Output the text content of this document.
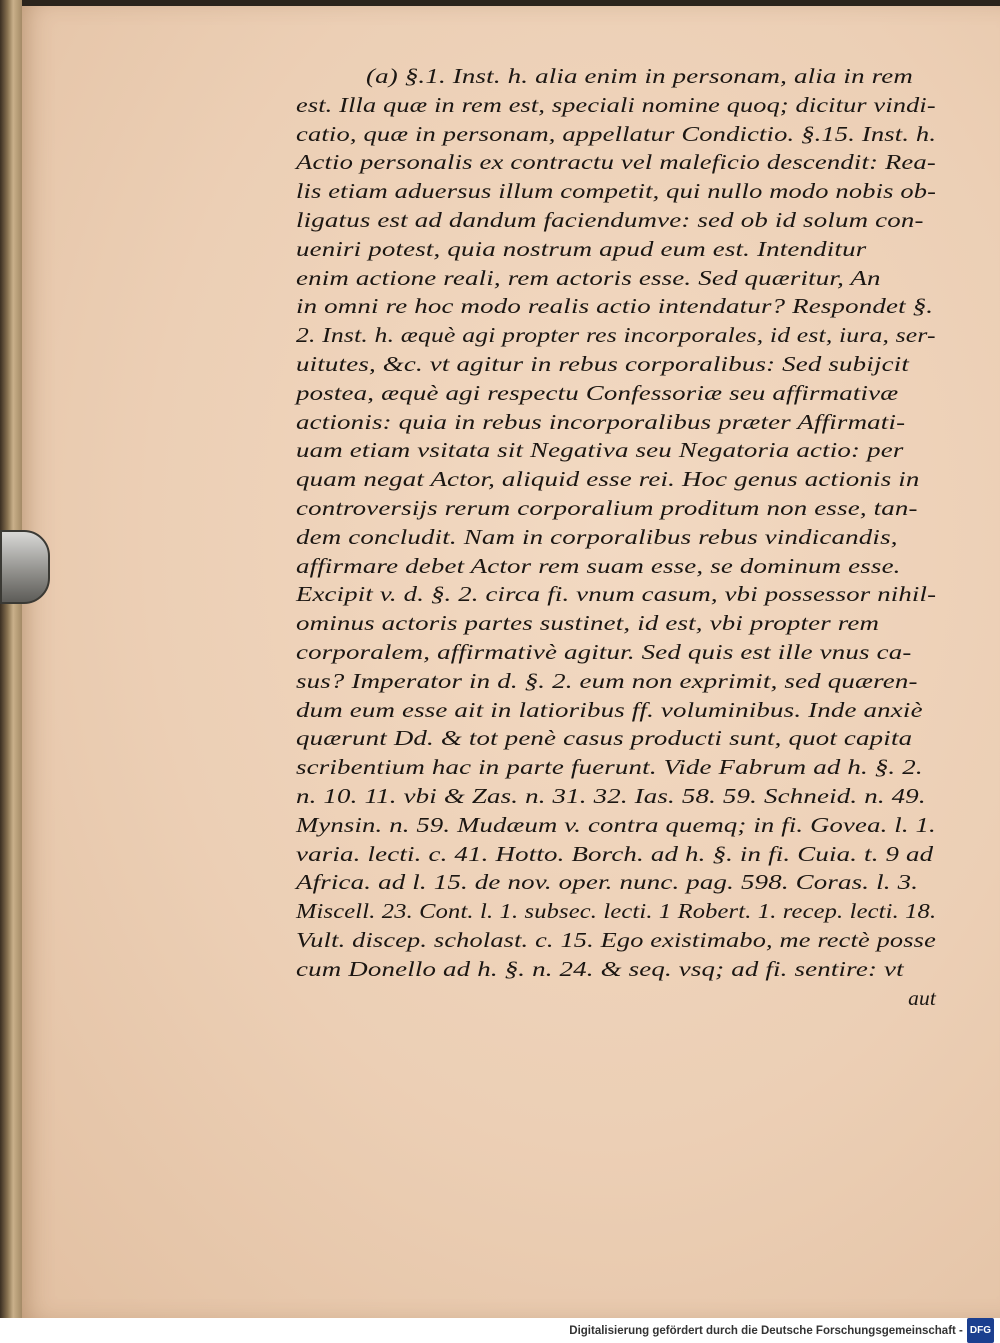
(a) §.1. Inst. h. alia enim in personam, alia in rem
est. Illa quæ in rem est, speciali nomine quoq; dicitur vindi-
catio, quæ in personam, appellatur Condictio. §.15. Inst. h.
Actio personalis ex contractu vel maleficio descendit: Rea-
lis etiam aduersus illum competit, qui nullo modo nobis ob-
ligatus est ad dandum faciendumve: sed ob id solum con-
ueniri potest, quia nostrum apud eum est. Intenditur
enim actione reali, rem actoris esse. Sed quæritur, An
in omni re hoc modo realis actio intendatur? Respondet §.
2. Inst. h. æquè agi propter res incorporales, id est, iura, ser-
uitutes, &c. vt agitur in rebus corporalibus: Sed subijcit
postea, æquè agi respectu Confessoriæ seu affirmativæ
actionis: quia in rebus incorporalibus præter Affirmati-
uam etiam vsitata sit Negativa seu Negatoria actio: per
quam negat Actor, aliquid esse rei. Hoc genus actionis in
controversijs rerum corporalium proditum non esse, tan-
dem concludit. Nam in corporalibus rebus vindicandis,
affirmare debet Actor rem suam esse, se dominum esse.
Excipit v. d. §. 2. circa fi. vnum casum, vbi possessor nihil-
ominus actoris partes sustinet, id est, vbi propter rem
corporalem, affirmativè agitur. Sed quis est ille vnus ca-
sus? Imperator in d. §. 2. eum non exprimit, sed quæren-
dum eum esse ait in latioribus ff. voluminibus. Inde anxiè
quærunt Dd. & tot penè casus producti sunt, quot capita
scribentium hac in parte fuerunt. Vide Fabrum ad h. §. 2.
n. 10. 11. vbi & Zas. n. 31. 32. Ias. 58. 59. Schneid. n. 49.
Mynsin. n. 59. Mudæum v. contra quemq; in fi. Govea. l. 1.
varia. lecti. c. 41. Hotto. Borch. ad h. §. in fi. Cuia. t. 9 ad
Africa. ad l. 15. de nov. oper. nunc. pag. 598. Coras. l. 3.
Miscell. 23. Cont. l. 1. subsec. lecti. 1 Robert. 1. recep. lecti. 18.
Vult. discep. scholast. c. 15. Ego existimabo, me rectè posse
cum Donello ad h. §. n. 24. & seq. vsq; ad fi. sentire: vt
aut
Digitalisierung gefördert durch die Deutsche Forschungsgemeinschaft - DFG
